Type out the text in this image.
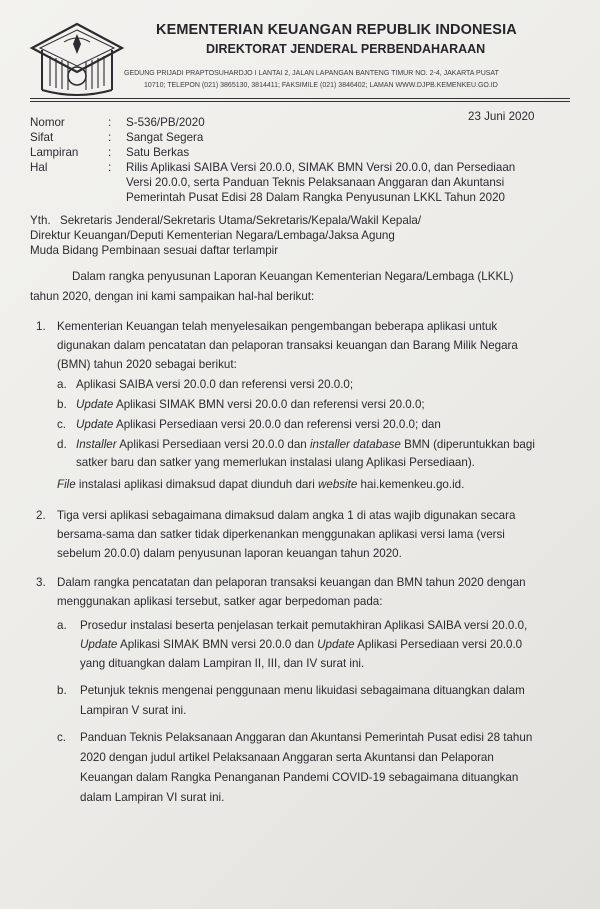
KEMENTERIAN KEUANGAN REPUBLIK INDONESIA
DIREKTORAT JENDERAL PERBENDAHARAAN
GEDUNG PRIJADI PRAPTOSUHARDJO I LANTAI 2, JALAN LAPANGAN BANTENG TIMUR NO. 2-4, JAKARTA PUSAT
10710; TELEPON (021) 3865130, 3814411; FAKSIMILE (021) 3846402; LAMAN WWW.DJPB.KEMENKEU.GO.ID
23 Juni 2020
Nomor	: S-536/PB/2020
Sifat	: Sangat Segera
Lampiran	: Satu Berkas
Hal	: Rilis Aplikasi SAIBA Versi 20.0.0, SIMAK BMN Versi 20.0.0, dan Persediaan
Versi 20.0.0, serta Panduan Teknis Pelaksanaan Anggaran dan Akuntansi
Pemerintah Pusat Edisi 28 Dalam Rangka Penyusunan LKKL Tahun 2020
Yth. Sekretaris Jenderal/Sekretaris Utama/Sekretaris/Kepala/Wakil Kepala/
Direktur Keuangan/Deputi Kementerian Negara/Lembaga/Jaksa Agung
Muda Bidang Pembinaan sesuai daftar terlampir
Dalam rangka penyusunan Laporan Keuangan Kementerian Negara/Lembaga (LKKL)
tahun 2020, dengan ini kami sampaikan hal-hal berikut:
1. Kementerian Keuangan telah menyelesaikan pengembangan beberapa aplikasi untuk
digunakan dalam pencatatan dan pelaporan transaksi keuangan dan Barang Milik Negara
(BMN) tahun 2020 sebagai berikut:
a. Aplikasi SAIBA versi 20.0.0 dan referensi versi 20.0.0;
b. Update Aplikasi SIMAK BMN versi 20.0.0 dan referensi versi 20.0.0;
c. Update Aplikasi Persediaan versi 20.0.0 dan referensi versi 20.0.0; dan
d. Installer Aplikasi Persediaan versi 20.0.0 dan installer database BMN (diperuntukkan bagi
satker baru dan satker yang memerlukan instalasi ulang Aplikasi Persediaan).
File instalasi aplikasi dimaksud dapat diunduh dari website hai.kemenkeu.go.id.
2. Tiga versi aplikasi sebagaimana dimaksud dalam angka 1 di atas wajib digunakan secara
bersama-sama dan satker tidak diperkenankan menggunakan aplikasi versi lama (versi
sebelum 20.0.0) dalam penyusunan laporan keuangan tahun 2020.
3. Dalam rangka pencatatan dan pelaporan transaksi keuangan dan BMN tahun 2020 dengan
menggunakan aplikasi tersebut, satker agar berpedoman pada:
a. Prosedur instalasi beserta penjelasan terkait pemutakhiran Aplikasi SAIBA versi 20.0.0,
Update Aplikasi SIMAK BMN versi 20.0.0 dan Update Aplikasi Persediaan versi 20.0.0
yang dituangkan dalam Lampiran II, III, dan IV surat ini.
b. Petunjuk teknis mengenai penggunaan menu likuidasi sebagaimana dituangkan dalam
Lampiran V surat ini.
c. Panduan Teknis Pelaksanaan Anggaran dan Akuntansi Pemerintah Pusat edisi 28 tahun
2020 dengan judul artikel Pelaksanaan Anggaran serta Akuntansi dan Pelaporan
Keuangan dalam Rangka Penanganan Pandemi COVID-19 sebagaimana dituangkan
dalam Lampiran VI surat ini.
